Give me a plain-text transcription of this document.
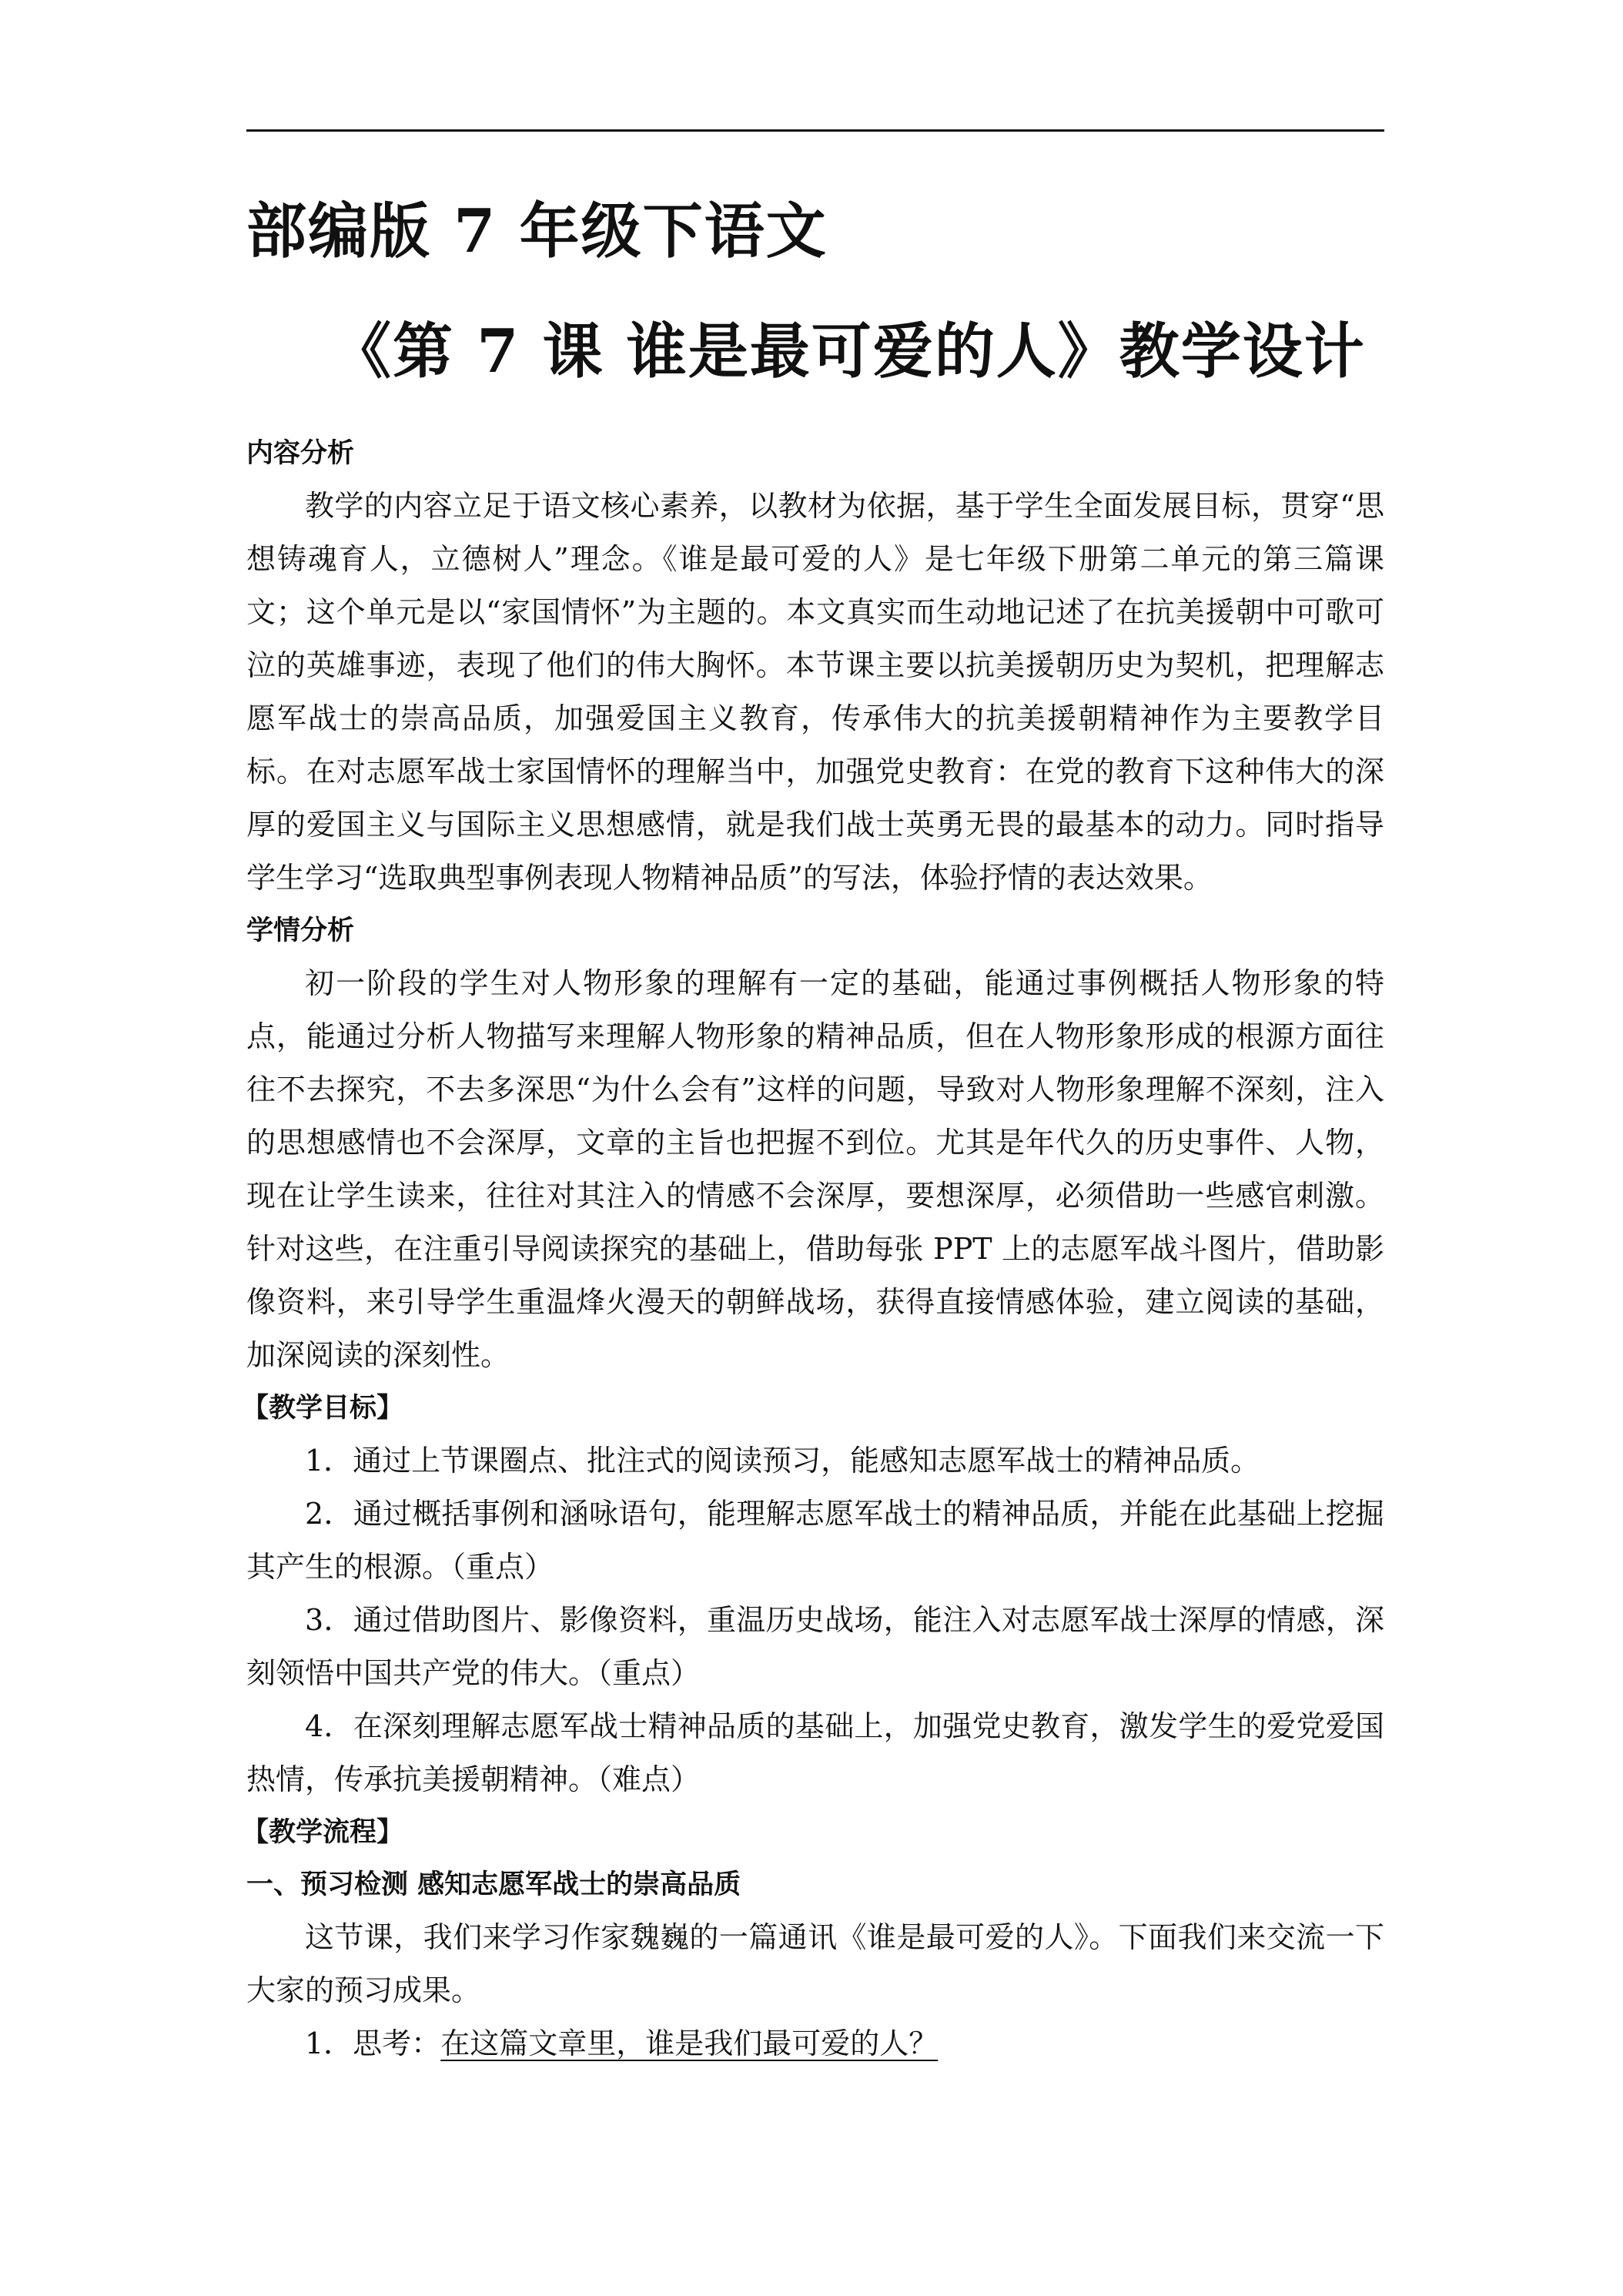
部编版 7 年级下语文
《第 7 课 谁是最可爱的人》教学设计

内容分析

教学的内容立足于语文核心素养，以教材为依据，基于学生全面发展目标，贯穿“思想铸魂育人，立德树人”理念。《谁是最可爱的人》是七年级下册第二单元的第三篇课文；这个单元是以“家国情怀”为主题的。本文真实而生动地记述了在抗美援朝中可歌可泣的英雄事迹，表现了他们的伟大胸怀。本节课主要以抗美援朝历史为契机，把理解志愿军战士的崇高品质，加强爱国主义教育，传承伟大的抗美援朝精神作为主要教学目标。在对志愿军战士家国情怀的理解当中，加强党史教育：在党的教育下这种伟大的深厚的爱国主义与国际主义思想感情，就是我们战士英勇无畏的最基本的动力。同时指导学生学习“选取典型事例表现人物精神品质”的写法，体验抒情的表达效果。

学情分析

初一阶段的学生对人物形象的理解有一定的基础，能通过事例概括人物形象的特点，能通过分析人物描写来理解人物形象的精神品质，但在人物形象形成的根源方面往往不去探究，不去多深思“为什么会有”这样的问题，导致对人物形象理解不深刻，注入的思想感情也不会深厚，文章的主旨也把握不到位。尤其是年代久的历史事件、人物，现在让学生读来，往往对其注入的情感不会深厚，要想深厚，必须借助一些感官刺激。针对这些，在注重引导阅读探究的基础上，借助每张 PPT 上的志愿军战斗图片，借助影像资料，来引导学生重温烽火漫天的朝鲜战场，获得直接情感体验，建立阅读的基础，加深阅读的深刻性。

【教学目标】

1．通过上节课圈点、批注式的阅读预习，能感知志愿军战士的精神品质。

2．通过概括事例和涵咏语句，能理解志愿军战士的精神品质，并能在此基础上挖掘其产生的根源。（重点）

3．通过借助图片、影像资料，重温历史战场，能注入对志愿军战士深厚的情感，深刻领悟中国共产党的伟大。（重点）

4．在深刻理解志愿军战士精神品质的基础上，加强党史教育，激发学生的爱党爱国热情，传承抗美援朝精神。（难点）

【教学流程】

一、预习检测 感知志愿军战士的崇高品质

这节课，我们来学习作家魏巍的一篇通讯《谁是最可爱的人》。下面我们来交流一下大家的预习成果。

1．思考：在这篇文章里，谁是我们最可爱的人？
